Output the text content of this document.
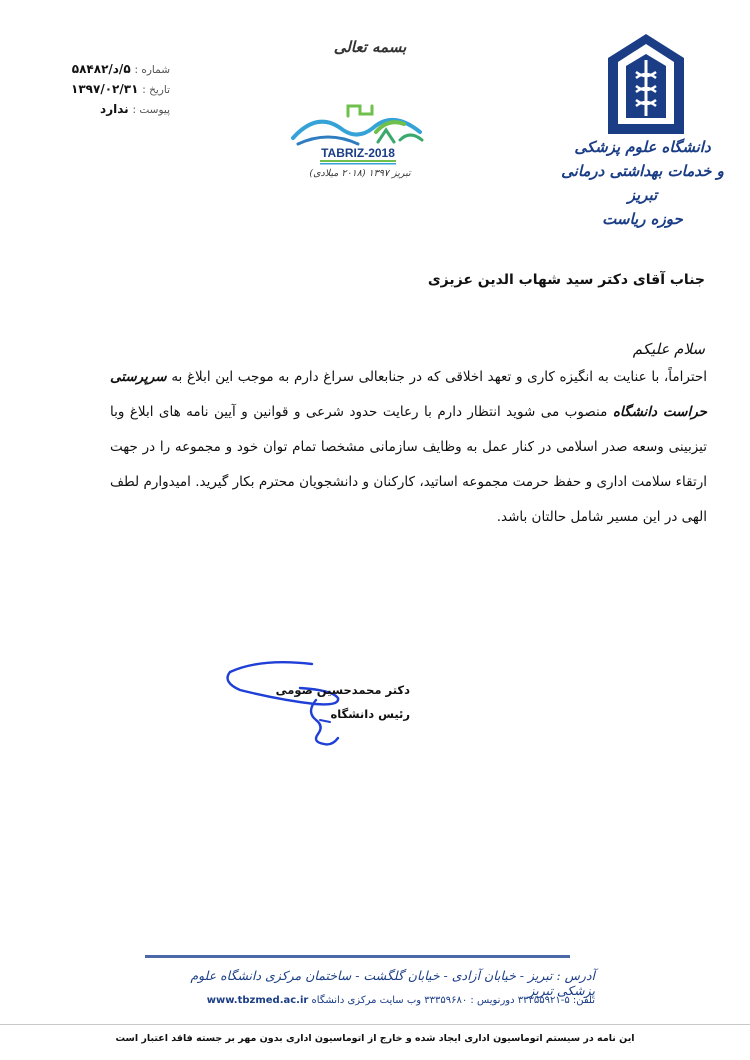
شماره : ۵/د/۵۸۴۸۲
تاریخ : ۱۳۹۷/۰۲/۳۱
پیوست : ندارد
بسمه تعالی
TABRIZ-2018
تبریز ۱۳۹۷ (۲۰۱۸ میلادی)
دانشگاه علوم پزشکی
و خدمات بهداشتی درمانی تبریز
حوزه ریاست
جناب آقای دکتر سید شهاب الدین عزیزی
سلام علیکم

احتراماً، با عنایت به انگیزه کاری و تعهد اخلاقی که در جنابعالی سراغ دارم به موجب این ابلاغ به سرپرستی حراست دانشگاه منصوب می شوید انتظار دارم با رعایت حدود شرعی و قوانین و آیین نامه های ابلاغ وبا تیزبینی وسعه صدر اسلامی در کنار عمل به وظایف سازمانی مشخصا تمام توان خود و مجموعه را در جهت ارتقاء سلامت اداری و حفظ حرمت مجموعه اساتید، کارکنان و دانشجویان محترم بکار گیرید. امیدوارم لطف الهی در این مسیر شامل حالتان باشد.

دکتر محمدحسین صومی
رئیس دانشگاه
آدرس : تبریز - خیابان آزادی - خیابان گلگشت - ساختمان مرکزی دانشگاه علوم پزشکی تبریز
تلفن: ۵-۳۳۳۵۵۹۲۱ دورنویس : ۳۳۳۵۹۶۸۰ وب سایت مرکزی دانشگاه www.tbzmed.ac.ir
این نامه در سیستم اتوماسیون اداری ایجاد شده و خارج از اتوماسیون اداری بدون مهر بر جسته فاقد اعتبار است
